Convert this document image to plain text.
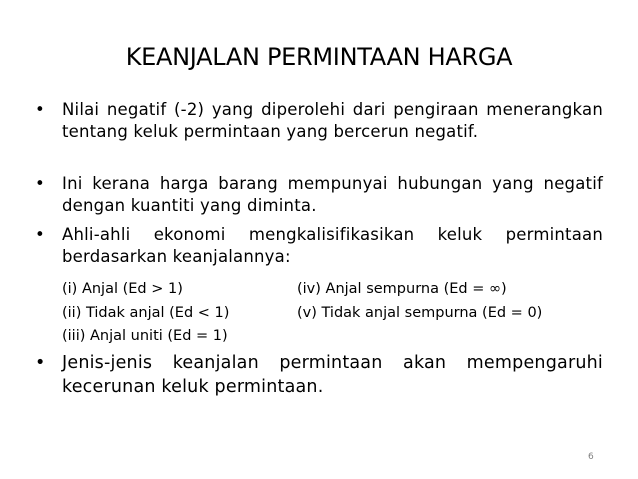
KEANJALAN PERMINTAAN HARGA
• Nilai negatif (-2) yang diperolehi dari pengiraan menerangkan tentang keluk permintaan yang bercerun negatif.
• Ini kerana harga barang mempunyai hubungan yang negatif dengan kuantiti yang diminta.
• Ahli-ahli ekonomi mengkalisifikasikan keluk permintaan berdasarkan keanjalannya:
(i) Anjal (Ed > 1)
(ii) Tidak anjal (Ed < 1)
(iii) Anjal uniti (Ed = 1)
(iv) Anjal sempurna (Ed = ∞)
(v) Tidak anjal sempurna (Ed = 0)
• Jenis-jenis keanjalan permintaan akan mempengaruhi kecerunan keluk permintaan.
6
